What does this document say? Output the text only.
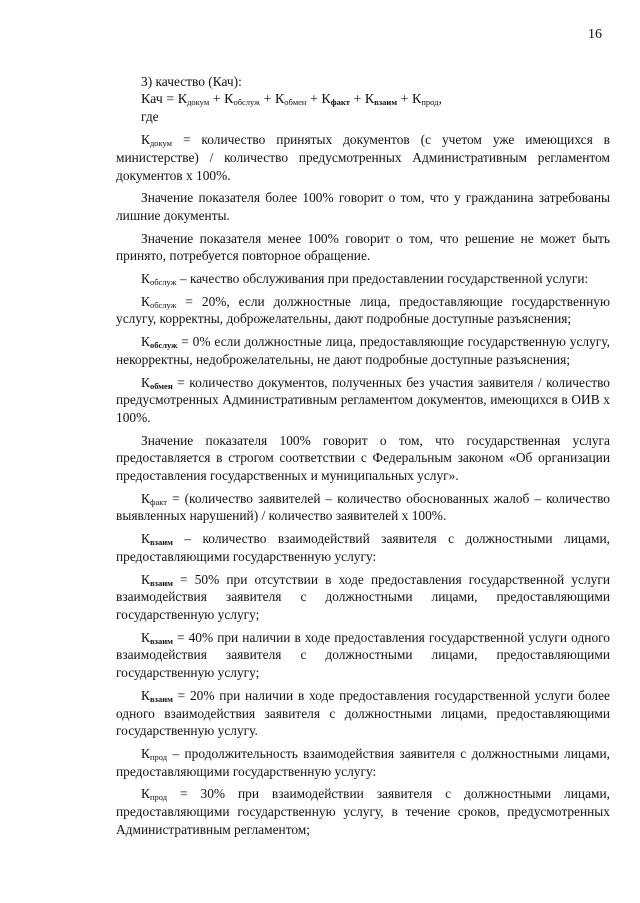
16

3) качество (Кач):

Кач = $К_{докум} + К_{обслуж} + К_{обмен} + К_{факт} + К_{взаим} + К_{прод}$,

где

$К_{докум}$ = количество принятых документов (с учетом уже имеющихся в министерстве) / количество предусмотренных Административным регламентом документов х 100%.

Значение показателя более 100% говорит о том, что у гражданина затребованы лишние документы.

Значение показателя менее 100% говорит о том, что решение не может быть принято, потребуется повторное обращение.

$К_{обслуж}$ – качество обслуживания при предоставлении государственной услуги:

$К_{обслуж} = 20\%$, если должностные лица, предоставляющие государственную услугу, корректны, доброжелательны, дают подробные доступные разъяснения;

$К_{обслуж} = 0\%$ если должностные лица, предоставляющие государственную услугу, некорректны, недоброжелательны, не дают подробные доступные разъяснения;

$К_{обмен}$ = количество документов, полученных без участия заявителя / количество предусмотренных Административным регламентом документов, имеющихся в ОИВ х 100%.

Значение показателя 100% говорит о том, что государственная услуга предоставляется в строгом соответствии с Федеральным законом «Об организации предоставления государственных и муниципальных услуг».

$К_{факт}$ = (количество заявителей – количество обоснованных жалоб – количество выявленных нарушений) / количество заявителей х 100%.

$К_{взаим}$ – количество взаимодействий заявителя с должностными лицами, предоставляющими государственную услугу:

$К_{взаим} = 50\%$ при отсутствии в ходе предоставления государственной услуги взаимодействия заявителя с должностными лицами, предоставляющими государственную услугу;

$К_{взаим} = 40\%$ при наличии в ходе предоставления государственной услуги одного взаимодействия заявителя с должностными лицами, предоставляющими государственную услугу;

$К_{взаим} = 20\%$ при наличии в ходе предоставления государственной услуги более одного взаимодействия заявителя с должностными лицами, предоставляющими государственную услугу.

$К_{прод}$ – продолжительность взаимодействия заявителя с должностными лицами, предоставляющими государственную услугу:

$К_{прод} = 30\%$ при взаимодействии заявителя с должностными лицами, предоставляющими государственную услугу, в течение сроков, предусмотренных Административным регламентом;
